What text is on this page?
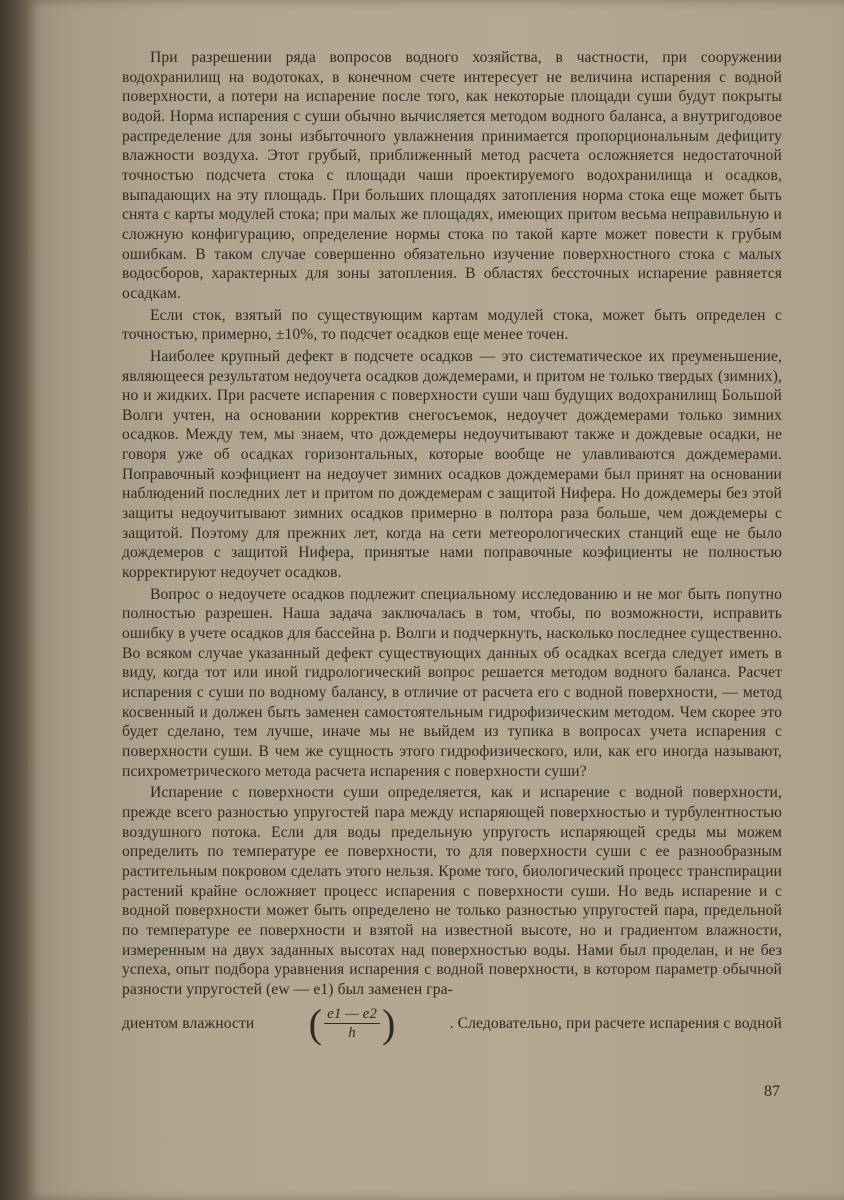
При разрешении ряда вопросов водного хозяйства, в частности, при сооружении водохранилищ на водотоках, в конечном счете интересует не величина испарения с водной поверхности, а потери на испарение после того, как некоторые площади суши будут покрыты водой. Норма испарения с суши обычно вычисляется методом водного баланса, а внутригодовое распределение для зоны избыточного увлажнения принимается пропорциональным дефициту влажности воздуха. Этот грубый, приближенный метод расчета осложняется недостаточной точностью подсчета стока с площади чаши проектируемого водохранилища и осадков, выпадающих на эту площадь. При больших площадях затопления норма стока еще может быть снята с карты модулей стока; при малых же площадях, имеющих притом весьма неправильную и сложную конфигурацию, определение нормы стока по такой карте может повести к грубым ошибкам. В таком случае совершенно обязательно изучение поверхностного стока с малых водосборов, характерных для зоны затопления. В областях бессточных испарение равняется осадкам.

Если сток, взятый по существующим картам модулей стока, может быть определен с точностью, примерно, ±10%, то подсчет осадков еще менее точен.

Наиболее крупный дефект в подсчете осадков — это систематическое их преуменьшение, являющееся результатом недоучета осадков дождемерами, и притом не только твердых (зимних), но и жидких. При расчете испарения с поверхности суши чаш будущих водохранилищ Большой Волги учтен, на основании корректив снегосъемок, недоучет дождемерами только зимних осадков. Между тем, мы знаем, что дождемеры недоучитывают также и дождевые осадки, не говоря уже об осадках горизонтальных, которые вообще не улавливаются дождемерами. Поправочный коэфициент на недоучет зимних осадков дождемерами был принят на основании наблюдений последних лет и притом по дождемерам с защитой Нифера. Но дождемеры без этой защиты недоучитывают зимних осадков примерно в полтора раза больше, чем дождемеры с защитой. Поэтому для прежних лет, когда на сети метеорологических станций еще не было дождемеров с защитой Нифера, принятые нами поправочные коэфициенты не полностью корректируют недоучет осадков.

Вопрос о недоучете осадков подлежит специальному исследованию и не мог быть попутно полностью разрешен. Наша задача заключалась в том, чтобы, по возможности, исправить ошибку в учете осадков для бассейна р. Волги и подчеркнуть, насколько последнее существенно. Во всяком случае указанный дефект существующих данных об осадках всегда следует иметь в виду, когда тот или иной гидрологический вопрос решается методом водного баланса. Расчет испарения с суши по водному балансу, в отличие от расчета его с водной поверхности, — метод косвенный и должен быть заменен самостоятельным гидрофизическим методом. Чем скорее это будет сделано, тем лучше, иначе мы не выйдем из тупика в вопросах учета испарения с поверхности суши. В чем же сущность этого гидрофизического, или, как его иногда называют, психрометрического метода расчета испарения с поверхности суши?

Испарение с поверхности суши определяется, как и испарение с водной поверхности, прежде всего разностью упругостей пара между испаряющей поверхностью и турбулентностью воздушного потока. Если для воды предельную упругость испаряющей среды мы можем определить по температуре ее поверхности, то для поверхности суши с ее разнообразным растительным покровом сделать этого нельзя. Кроме того, биологический процесс транспирации растений крайне осложняет процесс испарения с поверхности суши. Но ведь испарение и с водной поверхности может быть определено не только разностью упругостей пара, предельной по температуре ее поверхности и взятой на известной высоте, но и градиентом влажности, измеренным на двух заданных высотах над поверхностью воды. Нами был проделан, и не без успеха, опыт подбора уравнения испарения с водной поверхности, в котором параметр обычной разности упругостей (ew — e1) был заменен гра-

диентом влажности ( $\frac{e1 — e2}{h}$ )	. Следовательно, при расчете испарения с водной
87
